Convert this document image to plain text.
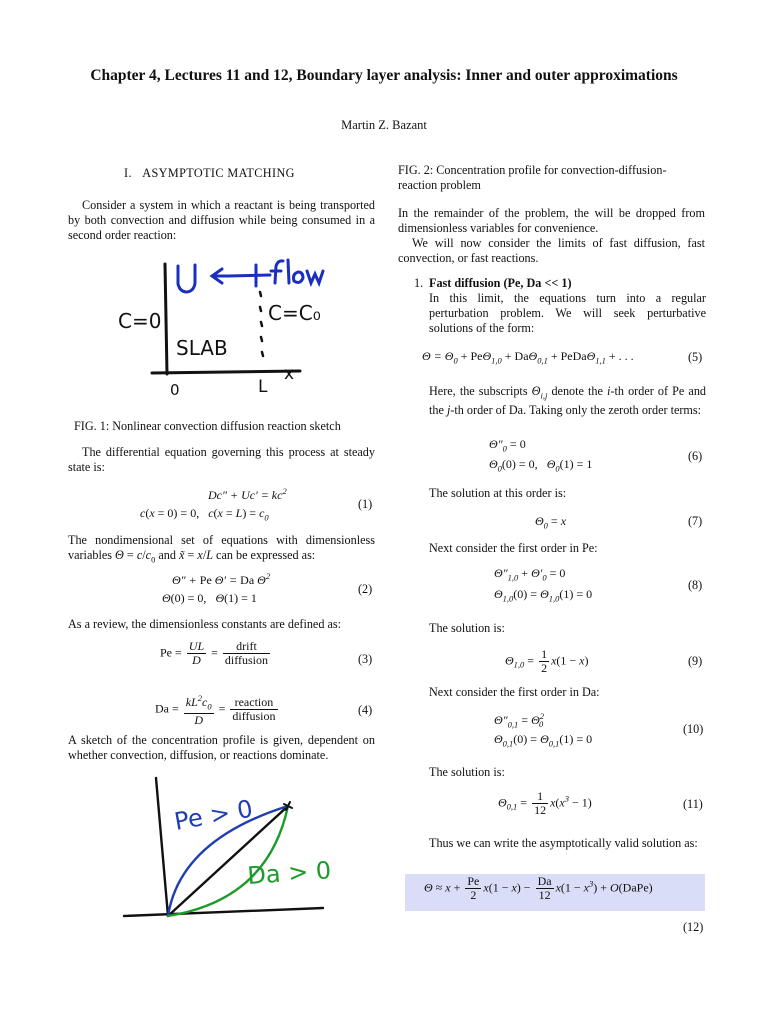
Chapter 4, Lectures 11 and 12, Boundary layer analysis: Inner and outer approximations
Martin Z. Bazant
I. ASYMPTOTIC MATCHING
Consider a system in which a reactant is being transported by both convection and diffusion while being consumed in a second order reaction:
C=0	C=C₀
SLAB
0	L
x
FIG. 1: Nonlinear convection diffusion reaction sketch
The differential equation governing this process at steady state is:
$Dc'' + Uc' = kc^2$
c(x = 0) = 0,   $c(x = L) = c_0$
(1)
The nondimensional set of equations with dimensionless variables $\Theta = c/c_0$ and x̃ = x/L can be expressed as:
Θ″ + Pe Θ′ = Da $\Theta^2$
Θ(0) = 0,   Θ(1) = 1
(2)
As a review, the dimensionless constants are defined as:
$Pe = \frac{UL}{D} = \frac{\text{drift}}{\text{diffusion}}$	(3)
$Da = \frac{kL^2c_0}{D} = \frac{\text{reaction}}{\text{diffusion}}$	(4)
A sketch of the concentration profile is given, dependent on whether convection, diffusion, or reactions dominate.
Pe > 0
Da > 0
FIG. 2: Concentration profile for convection-diffusion-reaction problem
In the remainder of the problem, the will be dropped from dimensionless variables for convenience.
We will now consider the limits of fast diffusion, fast convection, or fast reactions.
1. Fast diffusion (Pe, Da << 1)
In this limit, the equations turn into a regular perturbation problem. We will seek perturbative solutions of the form:
$\Theta = \Theta_0 + Pe\Theta_{1,0} + Da\Theta_{0,1}$ + PeDaΘ$_{1,1}$ + . . .	(5)
Here, the subscripts $\Theta_{i,j}$ denote the i-th order of Pe and the j-th order of Da. Taking only the zeroth order terms:
$\Theta''_0 = 0$
$\Theta_0(0) = 0$,   $\Theta_0(1) = 1$
(6)
The solution at this order is:
$\Theta_0 = x$	(7)
Next consider the first order in Pe:
$\Theta''_{1,0} + \Theta'_0 = 0$
$\Theta_{1,0}(0) = \Theta_{1,0}(1) = 0$
(8)
The solution is:
$\Theta_{1,0} = \frac{1}{2} x(1 - x)$	(9)
Next consider the first order in Da:
$\Theta''_{0,1} = \Theta^2_0$
$\Theta_{0,1}(0) = \Theta_{0,1}(1) = 0$
(10)
The solution is:
$\Theta_{0,1} = \frac{1}{12} x(x^3 - 1)$	(11)
Thus we can write the asymptotically valid solution as:
$\Theta \approx x + \frac{Pe}{2} x(1 - x) - \frac{Da}{12} x(1 - x^3)$ + O(DaPe)
(12)
